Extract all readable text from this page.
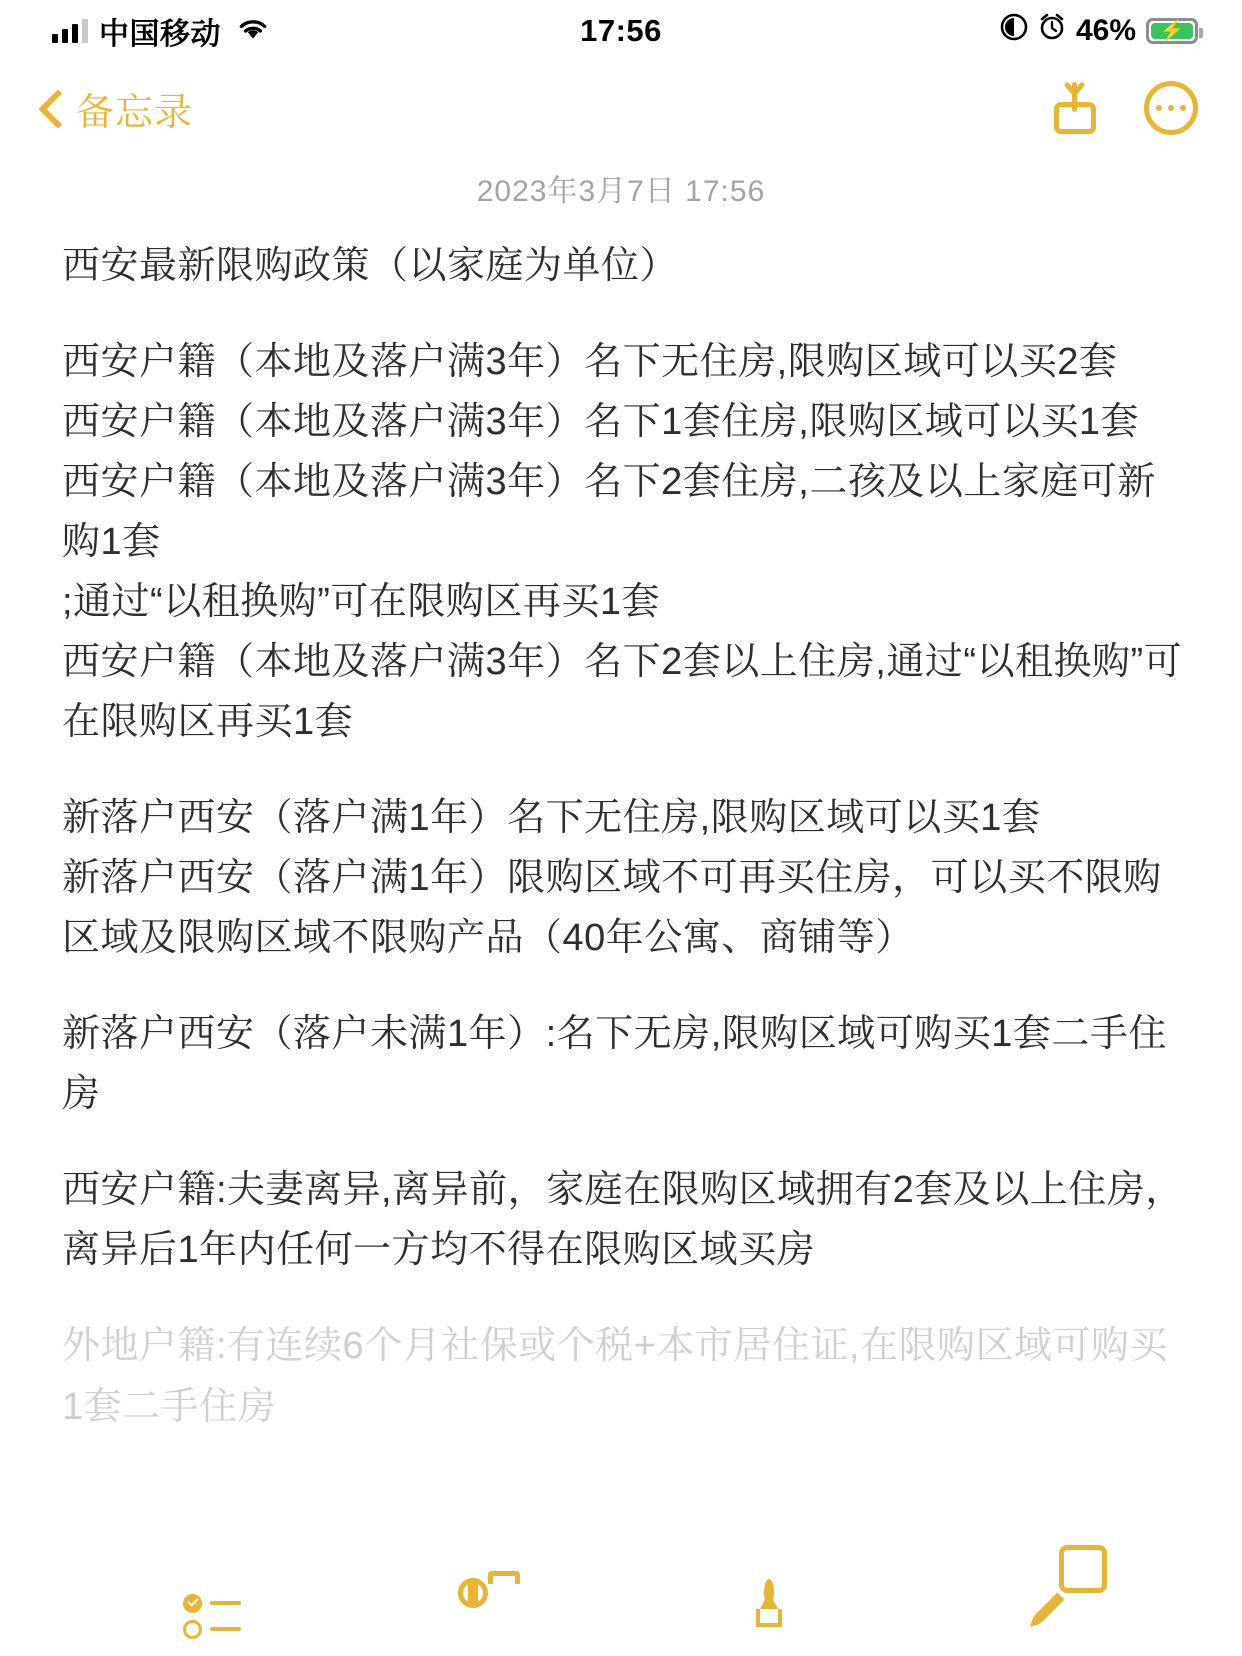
中国移动	17:56	46% ⚡
备忘录
2023年3月7日 17:56

西安最新限购政策（以家庭为单位）

西安户籍（本地及落户满3年）名下无住房,限购区域可以买2套

西安户籍（本地及落户满3年）名下1套住房,限购区域可以买1套

西安户籍（本地及落户满3年）名下2套住房,二孩及以上家庭可新购1套

;通过“以租换购”可在限购区再买1套

西安户籍（本地及落户满3年）名下2套以上住房,通过“以租换购”可在限购区再买1套

新落户西安（落户满1年）名下无住房,限购区域可以买1套

新落户西安（落户满1年）限购区域不可再买住房，可以买不限购区域及限购区域不限购产品（40年公寓、商铺等）

新落户西安（落户未满1年）:名下无房,限购区域可购买1套二手住房

西安户籍:夫妻离异,离异前，家庭在限购区域拥有2套及以上住房，离异后1年内任何一方均不得在限购区域买房

外地户籍:有连续6个月社保或个税+本市居住证,在限购区域可购买1套二手住房
